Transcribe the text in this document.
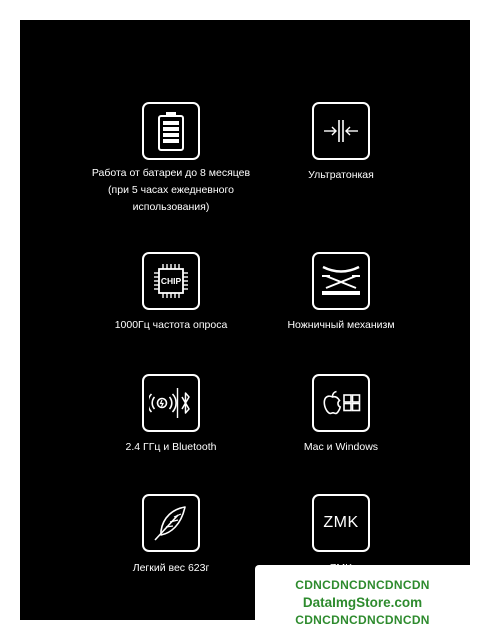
Работа от батареи до 8 месяцев
(при 5 часах ежедневного
использования)
Ультратонкая
CHIP
1000Гц частота опроса	Ножничный механизм
2.4 ГГц и Bluetooth	Mac и Windows
Легкий вес 623г
ZMK
CDNCDNCDNCDNCDN
DataImgStore.com
CDNCDNCDNCDNCDN
